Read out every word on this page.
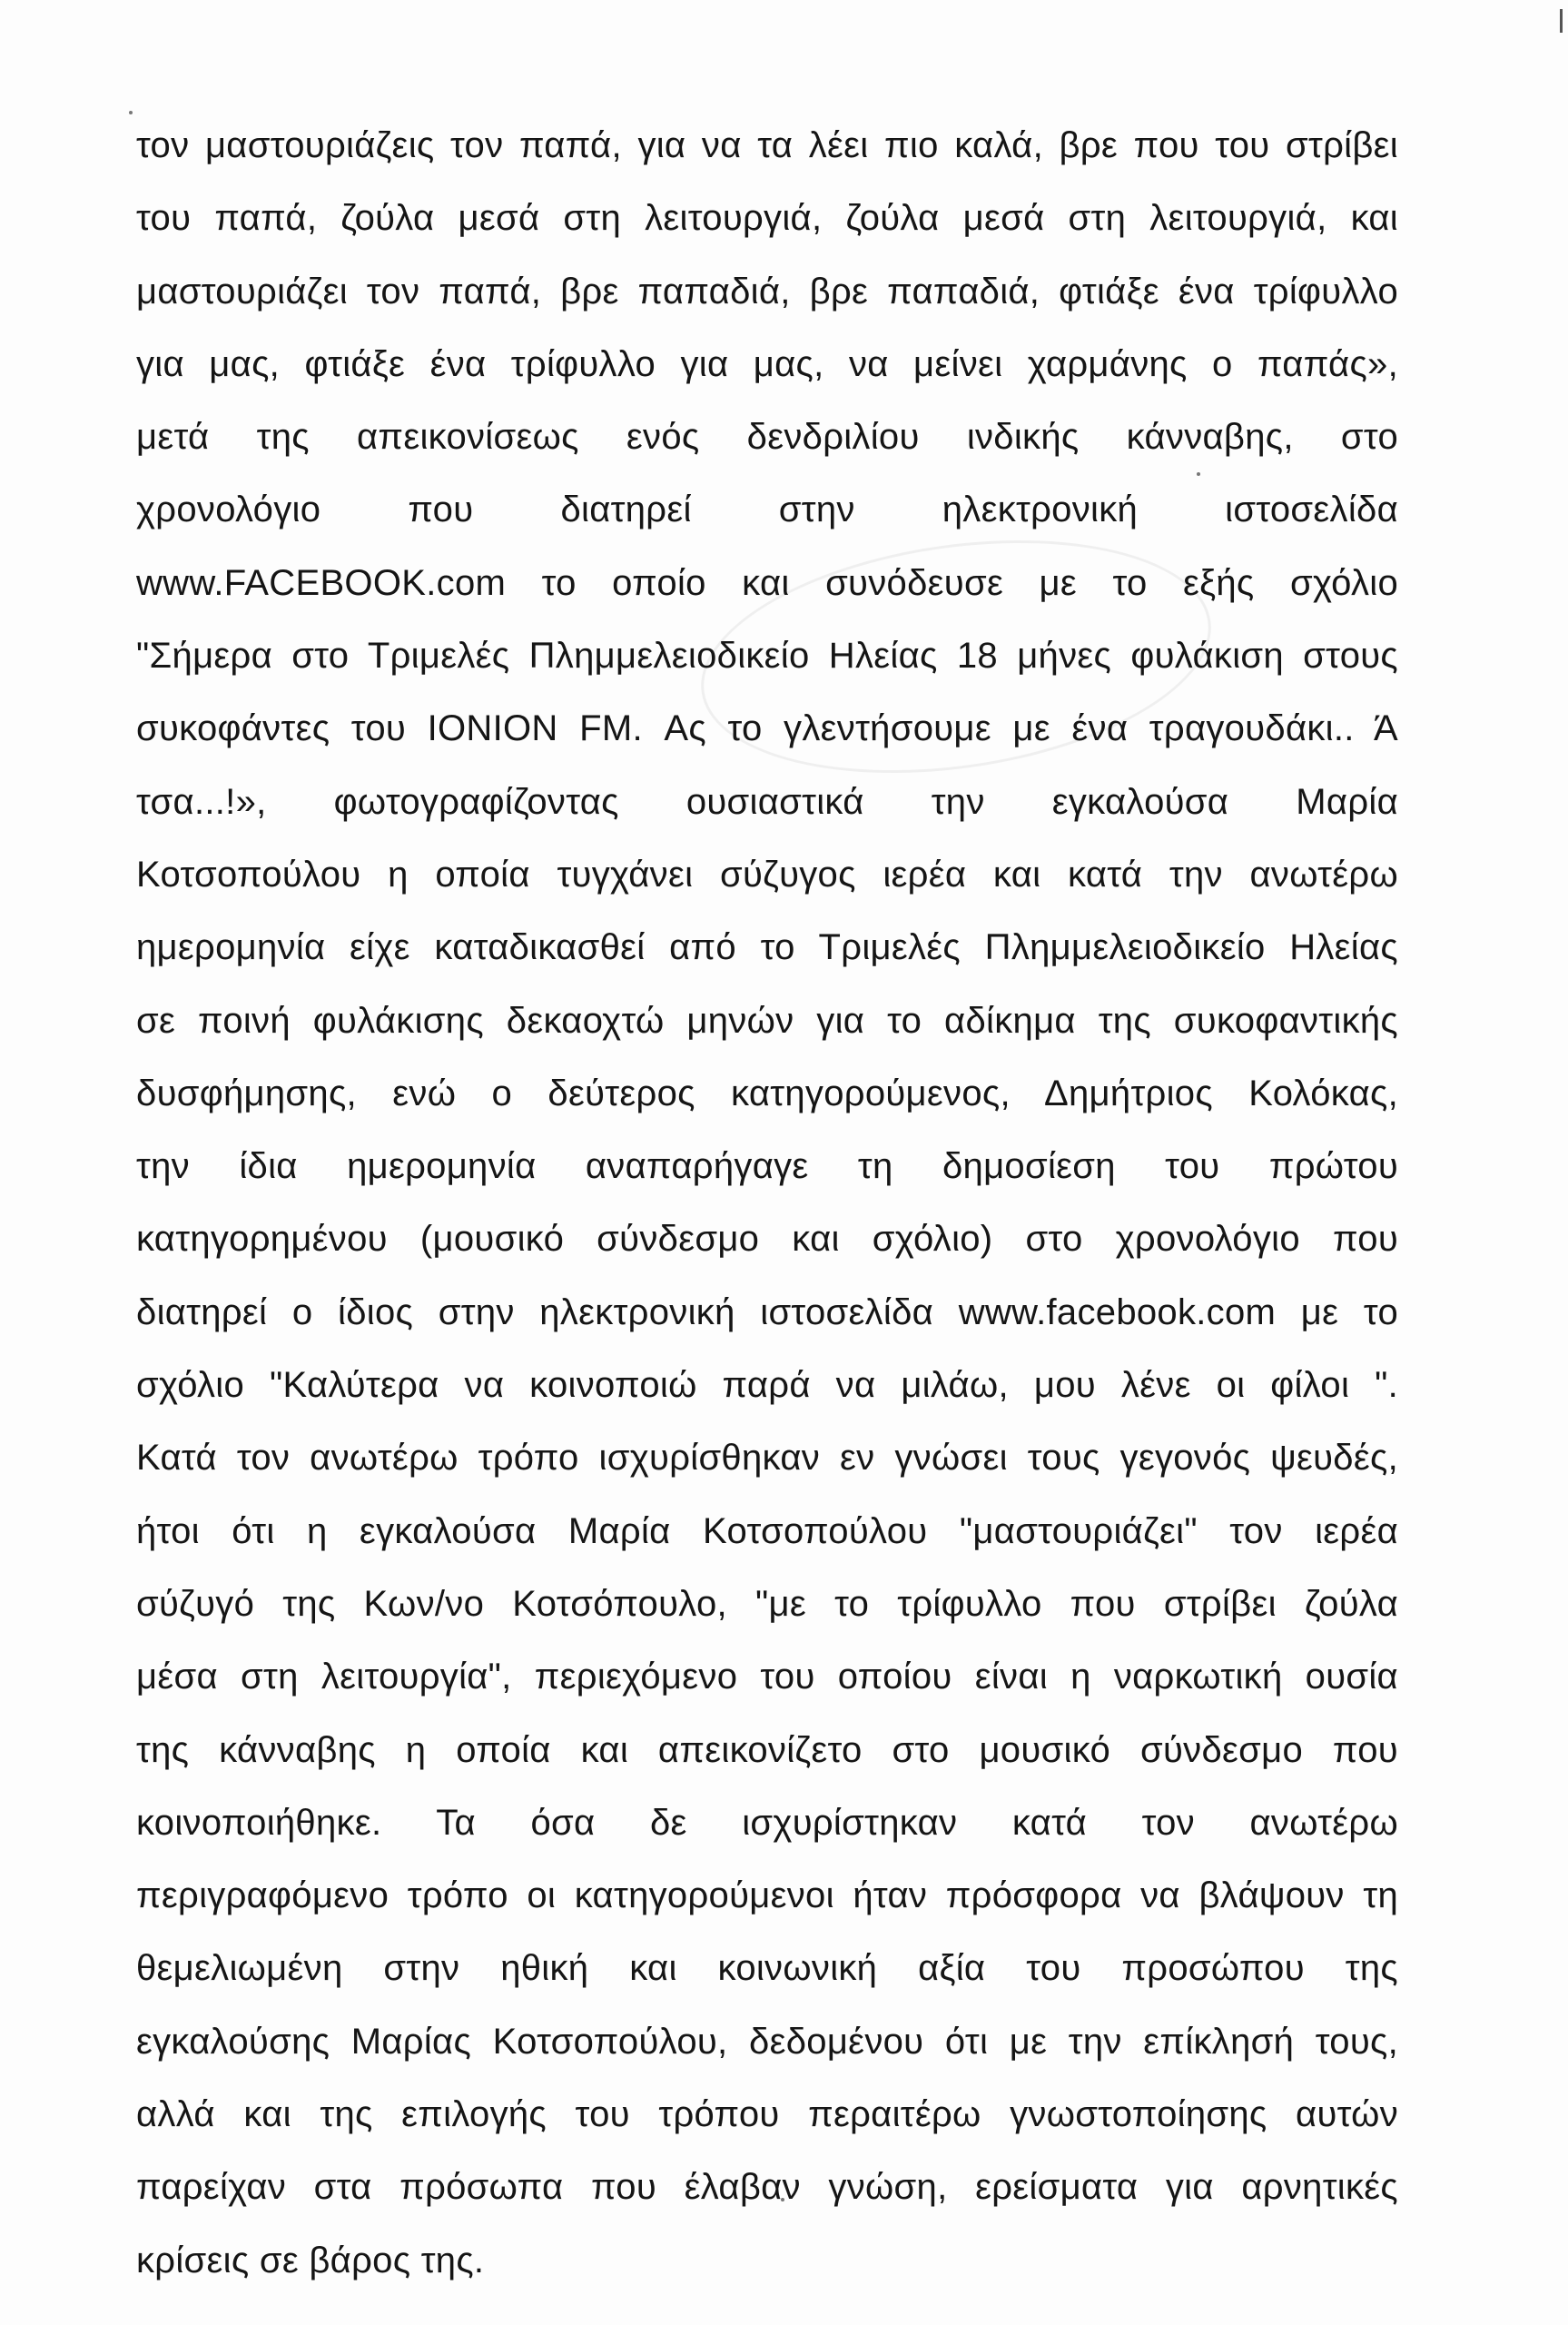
τον μαστουριάζεις τον παπά, για να τα λέει πιο καλά, βρε που του στρίβει
του παπά, ζούλα μεσά στη λειτουργιά, ζούλα μεσά στη λειτουργιά, και
μαστουριάζει τον παπά, βρε παπαδιά, βρε παπαδιά, φτιάξε ένα τρίφυλλο
για μας, φτιάξε ένα τρίφυλλο για μας, να μείνει χαρμάνης ο παπάς»,
μετά της απεικονίσεως ενός δενδριλίου ινδικής κάνναβης, στο
χρονολόγιο που διατηρεί στην ηλεκτρονική ιστοσελίδα
www.FACEBOOK.com το οποίο και συνόδευσε με το εξής σχόλιο
"Σήμερα στο Τριμελές Πλημμελειοδικείο Ηλείας 18 μήνες φυλάκιση στους
συκοφάντες του IONION FM. Ας το γλεντήσουμε με ένα τραγουδάκι.. Ά
τσα...!», φωτογραφίζοντας ουσιαστικά την εγκαλούσα Μαρία
Κοτσοπούλου η οποία τυγχάνει σύζυγος ιερέα και κατά την ανωτέρω
ημερομηνία είχε καταδικασθεί από το Τριμελές Πλημμελειοδικείο Ηλείας
σε ποινή φυλάκισης δεκαοχτώ μηνών για το αδίκημα της συκοφαντικής
δυσφήμησης, ενώ ο δεύτερος κατηγορούμενος, Δημήτριος Κολόκας,
την ίδια ημερομηνία αναπαρήγαγε τη δημοσίεση του πρώτου
κατηγορημένου (μουσικό σύνδεσμο και σχόλιο) στο χρονολόγιο που
διατηρεί ο ίδιος στην ηλεκτρονική ιστοσελίδα www.facebook.com με το
σχόλιο "Καλύτερα να κοινοποιώ παρά να μιλάω, μου λένε οι φίλοι ".
Κατά τον ανωτέρω τρόπο ισχυρίσθηκαν εν γνώσει τους γεγονός ψευδές,
ήτοι ότι η εγκαλούσα Μαρία Κοτσοπούλου "μαστουριάζει" τον ιερέα
σύζυγό της Κων/νο Κοτσόπουλο, "με το τρίφυλλο που στρίβει ζούλα
μέσα στη λειτουργία", περιεχόμενο του οποίου είναι η ναρκωτική ουσία
της κάνναβης η οποία και απεικονίζετο στο μουσικό σύνδεσμο που
κοινοποιήθηκε. Τα όσα δε ισχυρίστηκαν κατά τον ανωτέρω
περιγραφόμενο τρόπο οι κατηγορούμενοι ήταν πρόσφορα να βλάψουν τη
θεμελιωμένη στην ηθική και κοινωνική αξία του προσώπου της
εγκαλούσης Μαρίας Κοτσοπούλου, δεδομένου ότι με την επίκλησή τους,
αλλά και της επιλογής του τρόπου περαιτέρω γνωστοποίησης αυτών
παρείχαν στα πρόσωπα που έλαβαν γνώση, ερείσματα για αρνητικές
κρίσεις σε βάρος της.
